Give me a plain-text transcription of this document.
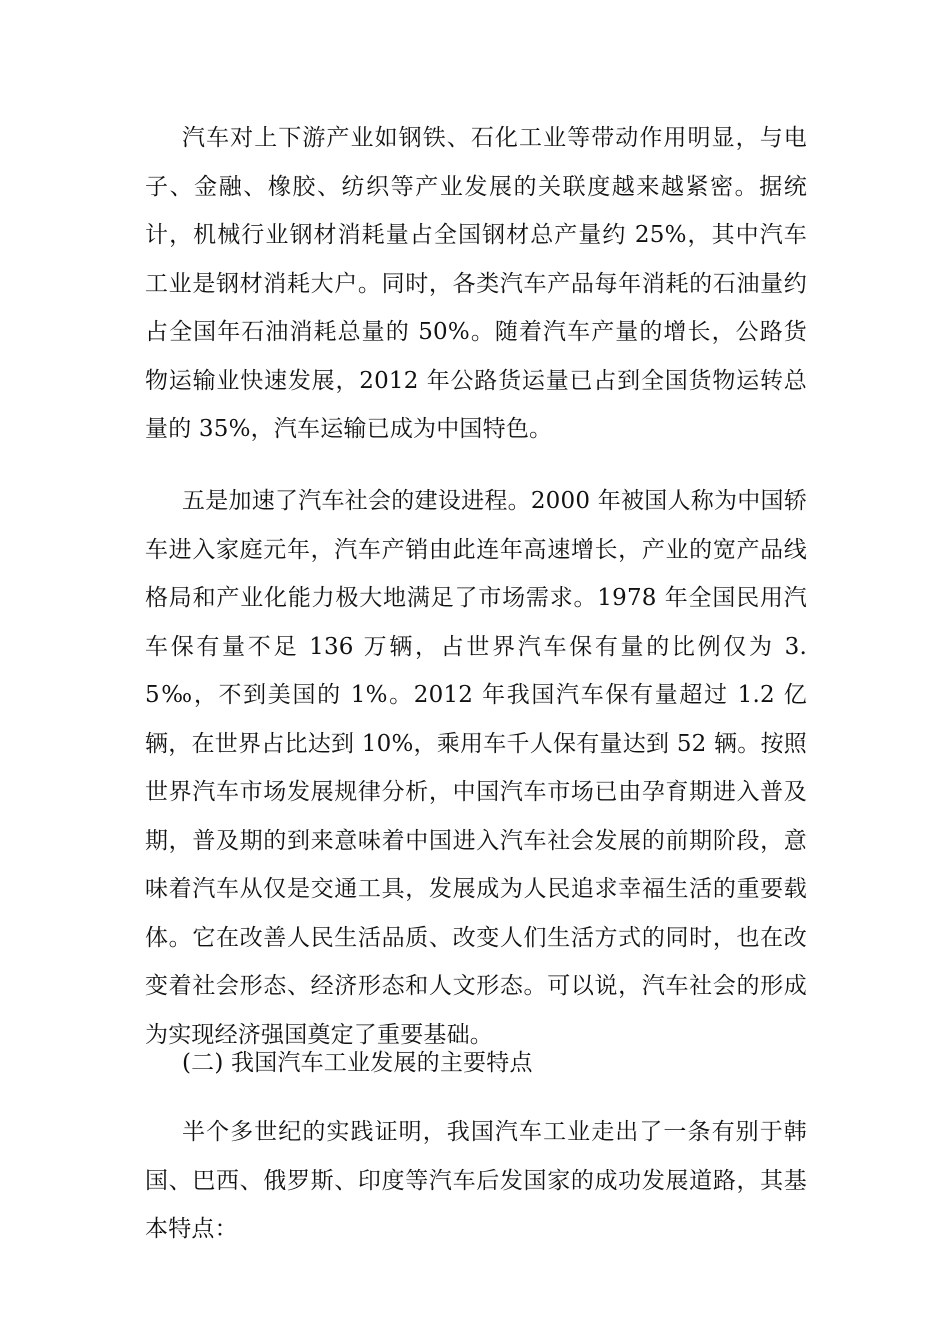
汽车对上下游产业如钢铁、石化工业等带动作用明显，与电子、金融、橡胶、纺织等产业发展的关联度越来越紧密。据统计，机械行业钢材消耗量占全国钢材总产量约 25%，其中汽车工业是钢材消耗大户。同时，各类汽车产品每年消耗的石油量约占全国年石油消耗总量的 50%。随着汽车产量的增长，公路货物运输业快速发展，2012 年公路货运量已占到全国货物运转总量的 35%，汽车运输已成为中国特色。

五是加速了汽车社会的建设进程。2000 年被国人称为中国轿车进入家庭元年，汽车产销由此连年高速增长，产业的宽产品线格局和产业化能力极大地满足了市场需求。1978 年全国民用汽车保有量不足 136 万辆，占世界汽车保有量的比例仅为 3.5‰，不到美国的 1%。2012 年我国汽车保有量超过 1.2 亿辆，在世界占比达到 10%，乘用车千人保有量达到 52 辆。按照世界汽车市场发展规律分析，中国汽车市场已由孕育期进入普及期，普及期的到来意味着中国进入汽车社会发展的前期阶段，意味着汽车从仅是交通工具，发展成为人民追求幸福生活的重要载体。它在改善人民生活品质、改变人们生活方式的同时，也在改变着社会形态、经济形态和人文形态。可以说，汽车社会的形成为实现经济强国奠定了重要基础。

(二) 我国汽车工业发展的主要特点

半个多世纪的实践证明，我国汽车工业走出了一条有别于韩国、巴西、俄罗斯、印度等汽车后发国家的成功发展道路，其基本特点：
